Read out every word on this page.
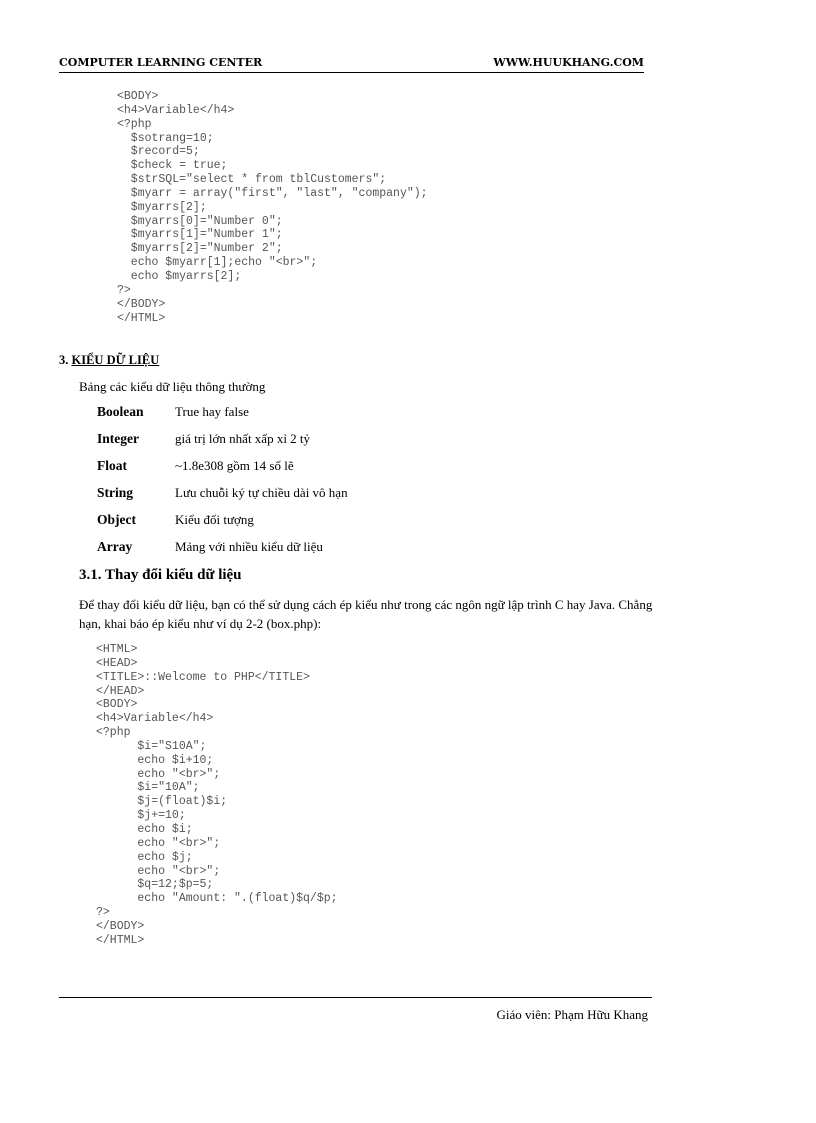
COMPUTER LEARNING CENTER	WWW.HUUKHANG.COM
<BODY>
<h4>Variable</h4>
<?php
$sotrang=10;
$record=5;
$check = true;
$strSQL="select * from tblCustomers";
$myarr = array("first", "last", "company");
$myarrs[2];
$myarrs[0]="Number 0";
$myarrs[1]="Number 1";
$myarrs[2]="Number 2";
echo $myarr[1];echo "<br>";
echo $myarrs[2];
?>
</BODY>
</HTML>
3. KIỂU DỮ LIỆU
Bảng các kiểu dữ liệu thông thường
Boolean True hay false
Integer	giá trị lớn nhất xấp xỉ 2 tỷ
Float	~1.8e308 gồm 14 số lẽ
String	Lưu chuỗi ký tự chiều dài vô hạn
Object	Kiểu đối tượng
Array	Mảng với nhiều kiểu dữ liệu
3.1. Thay đổi kiểu dữ liệu
Để thay đổi kiểu dữ liệu, bạn có thể sử dụng cách ép kiểu như trong các ngôn ngữ lập trình C hay Java. Chẳng hạn, khai báo ép kiểu như ví dụ 2-2 (box.php):
<HTML>
<HEAD>
<TITLE>::Welcome to PHP</TITLE>
</HEAD>
<BODY>
<h4>Variable</h4>
<?php
$i="S10A";
echo $i+10;
echo "<br>";
$i="10A";
$j=(float)$i;
$j+=10;
echo $i;
echo "<br>";
echo $j;
echo "<br>";
$q=12;$p=5;
echo "Amount: ".(float)$q/$p;
?>
</BODY>
</HTML>
Giáo viên: Phạm Hữu Khang
